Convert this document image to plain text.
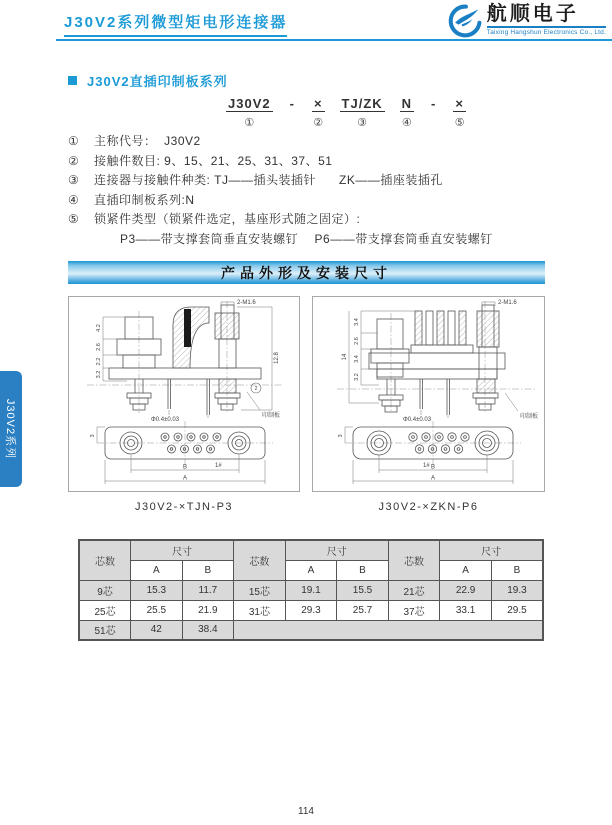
J30V2系列微型矩电形连接器	航顺电子
Taixing Hangshun Electronics Co., Ltd.
J30V2直插印制板系列
J30V2
①
- ×
②
TJ/ZK
③
N
④
- ×
⑤
①	主称代号：  J30V2
②	接触件数目: 9、15、21、25、31、37、51
③	连接器与接触件种类: TJ——插头装插针      ZK——插座装插孔
④	直插印制板系列:N
⑤	锁紧件类型（锁紧件选定，基座形式随之固定）:
P3——带支撑套筒垂直安装螺钉　 P6——带支撑套筒垂直安装螺钉
产品外形及安装尺寸
2
2-M1.6
12.8
4.2
2.6
2.2
3.2
Φ0.4±0.03
印制板
3
1#
B
A
2-M1.6
14
3.4
2.6
3.4
3.2
Φ0.4±0.03	印制板
3
1# B
A
J30V2-×TJN-P3	J30V2-×ZKN-P6
J30V2系列
芯数	尺寸		芯数	尺寸		芯数	尺寸	
	A	B		A	B		A	B
9芯	15.3	11.7	15芯	19.1	15.5	21芯	22.9	19.3
25芯	25.5	21.9	31芯	29.3	25.7	37芯	33.1	29.5
51芯	42	38.4						
114
